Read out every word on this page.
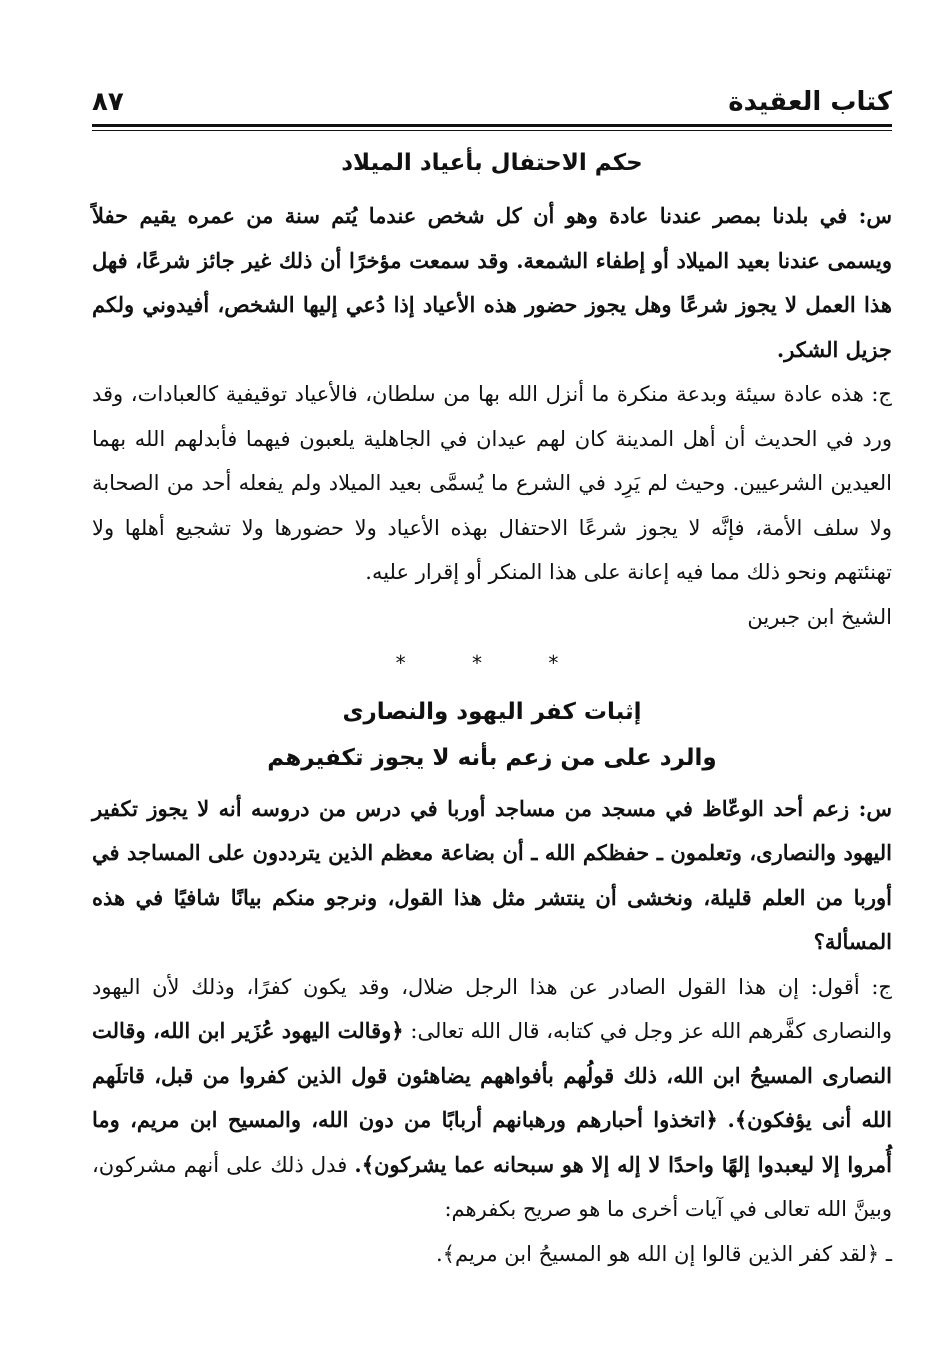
كتاب العقيدة
٨٧
حكم الاحتفال بأعياد الميلاد

س: في بلدنا بمصر عندنا عادة وهو أن كل شخص عندما يُتم سنة من عمره يقيم حفلاً ويسمى عندنا بعيد الميلاد أو إطفاء الشمعة. وقد سمعت مؤخرًا أن ذلك غير جائز شرعًا، فهل هذا العمل لا يجوز شرعًا وهل يجوز حضور هذه الأعياد إذا دُعي إليها الشخص، أفيدوني ولكم جزيل الشكر.

ج: هذه عادة سيئة وبدعة منكرة ما أنزل الله بها من سلطان، فالأعياد توقيفية كالعبادات، وقد ورد في الحديث أن أهل المدينة كان لهم عيدان في الجاهلية يلعبون فيهما فأبدلهم الله بهما العيدين الشرعيين. وحيث لم يَرِد في الشرع ما يُسمَّى بعيد الميلاد ولم يفعله أحد من الصحابة ولا سلف الأمة، فإنَّه لا يجوز شرعًا الاحتفال بهذه الأعياد ولا حضورها ولا تشجيع أهلها ولا تهنئتهم ونحو ذلك مما فيه إعانة على هذا المنكر أو إقرار عليه.

الشيخ ابن جبرين
* * *
إثبات كفر اليهود والنصارى
والرد على من زعم بأنه لا يجوز تكفيرهم

س: زعم أحد الوعّاظ في مسجد من مساجد أوربا في درس من دروسه أنه لا يجوز تكفير اليهود والنصارى، وتعلمون ـ حفظكم الله ـ أن بضاعة معظم الذين يترددون على المساجد في أوربا من العلم قليلة، ونخشى أن ينتشر مثل هذا القول، ونرجو منكم بيانًا شافيًا في هذه المسألة؟

ج: أقول: إن هذا القول الصادر عن هذا الرجل ضلال، وقد يكون كفرًا، وذلك لأن اليهود والنصارى كفَّرهم الله عز وجل في كتابه، قال الله تعالى: ﴿وقالت اليهود عُزَير ابن الله، وقالت النصارى المسيحُ ابن الله، ذلك قولُهم بأفواههم يضاهئون قول الذين كفروا من قبل، قاتلَهم الله أنى يؤفكون﴾. ﴿اتخذوا أحبارهم ورهبانهم أربابًا من دون الله، والمسيح ابن مريم، وما أُمروا إلا ليعبدوا إلهًا واحدًا لا إله إلا هو سبحانه عما يشركون﴾. فدل ذلك على أنهم مشركون، وبينَّ الله تعالى في آيات أخرى ما هو صريح بكفرهم:

ـ ﴿لقد كفر الذين قالوا إن الله هو المسيحُ ابن مريم﴾.
